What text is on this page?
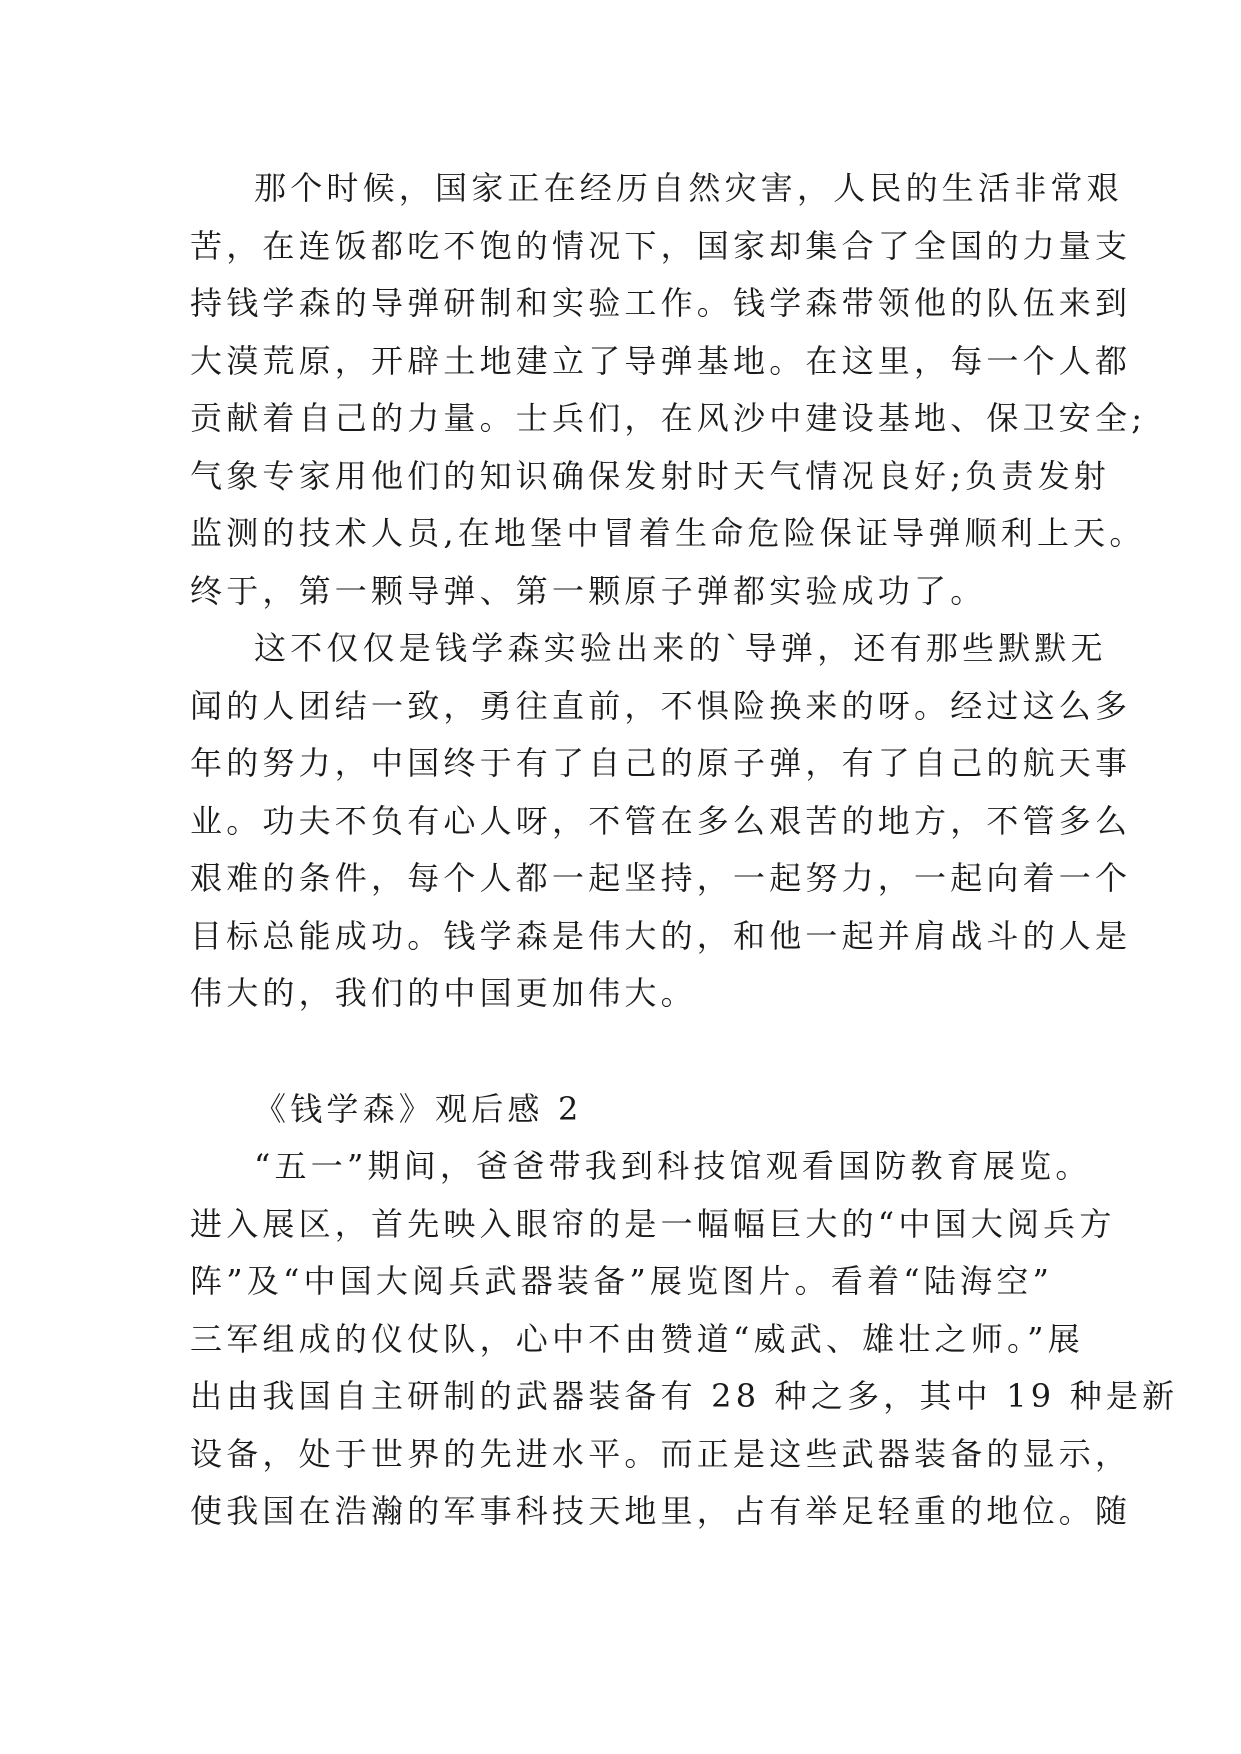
那个时候，国家正在经历自然灾害，人民的生活非常艰
苦，在连饭都吃不饱的情况下，国家却集合了全国的力量支
持钱学森的导弹研制和实验工作。钱学森带领他的队伍来到
大漠荒原，开辟土地建立了导弹基地。在这里，每一个人都
贡献着自己的力量。士兵们，在风沙中建设基地、保卫安全;
气象专家用他们的知识确保发射时天气情况良好;负责发射
监测的技术人员,在地堡中冒着生命危险保证导弹顺利上天。
终于，第一颗导弹、第一颗原子弹都实验成功了。
这不仅仅是钱学森实验出来的`导弹，还有那些默默无
闻的人团结一致，勇往直前，不惧险换来的呀。经过这么多
年的努力，中国终于有了自己的原子弹，有了自己的航天事
业。功夫不负有心人呀，不管在多么艰苦的地方，不管多么
艰难的条件，每个人都一起坚持，一起努力，一起向着一个
目标总能成功。钱学森是伟大的，和他一起并肩战斗的人是
伟大的，我们的中国更加伟大。
《钱学森》观后感 2
“五一”期间，爸爸带我到科技馆观看国防教育展览。
进入展区，首先映入眼帘的是一幅幅巨大的“中国大阅兵方
阵”及“中国大阅兵武器装备”展览图片。看着“陆海空”
三军组成的仪仗队，心中不由赞道“威武、雄壮之师。”展
出由我国自主研制的武器装备有 28 种之多，其中 19 种是新
设备，处于世界的先进水平。而正是这些武器装备的显示，
使我国在浩瀚的军事科技天地里，占有举足轻重的地位。随
